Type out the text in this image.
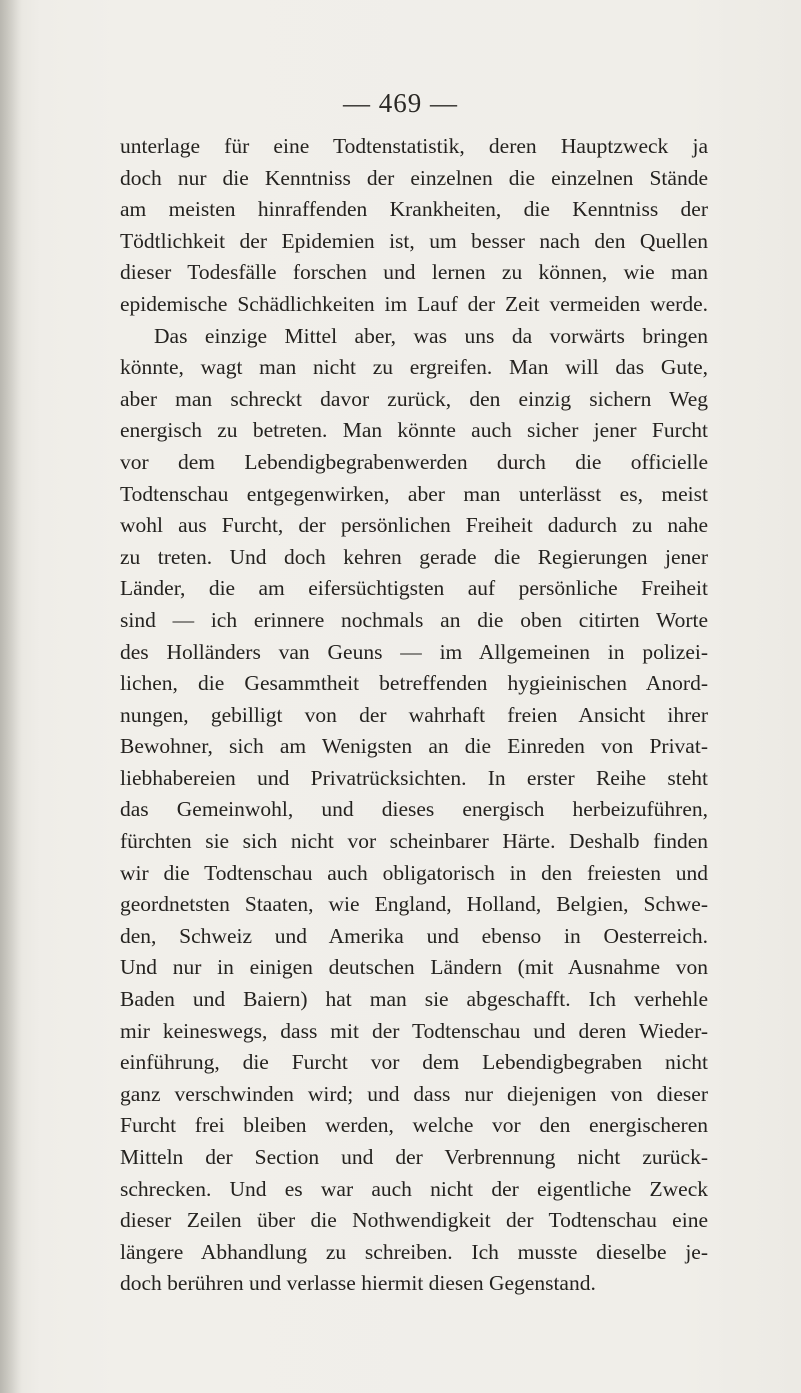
— 469 —
unterlage für eine Todtenstatistik, deren Hauptzweck ja
doch nur die Kenntniss der einzelnen die einzelnen Stände
am meisten hinraffenden Krankheiten, die Kenntniss der
Tödtlichkeit der Epidemien ist, um besser nach den Quellen
dieser Todesfälle forschen und lernen zu können, wie man
epidemische Schädlichkeiten im Lauf der Zeit vermeiden werde.
Das einzige Mittel aber, was uns da vorwärts bringen
könnte, wagt man nicht zu ergreifen. Man will das Gute,
aber man schreckt davor zurück, den einzig sichern Weg
energisch zu betreten. Man könnte auch sicher jener Furcht
vor dem Lebendigbegrabenwerden durch die officielle
Todtenschau entgegenwirken, aber man unterlässt es, meist
wohl aus Furcht, der persönlichen Freiheit dadurch zu nahe
zu treten. Und doch kehren gerade die Regierungen jener
Länder, die am eifersüchtigsten auf persönliche Freiheit
sind — ich erinnere nochmals an die oben citirten Worte
des Holländers van Geuns — im Allgemeinen in polizei-
lichen, die Gesammtheit betreffenden hygieinischen Anord-
nungen, gebilligt von der wahrhaft freien Ansicht ihrer
Bewohner, sich am Wenigsten an die Einreden von Privat-
liebhabereien und Privatrücksichten. In erster Reihe steht
das Gemeinwohl, und dieses energisch herbeizuführen,
fürchten sie sich nicht vor scheinbarer Härte. Deshalb finden
wir die Todtenschau auch obligatorisch in den freiesten und
geordnetsten Staaten, wie England, Holland, Belgien, Schwe-
den, Schweiz und Amerika und ebenso in Oesterreich.
Und nur in einigen deutschen Ländern (mit Ausnahme von
Baden und Baiern) hat man sie abgeschafft. Ich verhehle
mir keineswegs, dass mit der Todtenschau und deren Wieder-
einführung, die Furcht vor dem Lebendigbegraben nicht
ganz verschwinden wird; und dass nur diejenigen von dieser
Furcht frei bleiben werden, welche vor den energischeren
Mitteln der Section und der Verbrennung nicht zurück-
schrecken. Und es war auch nicht der eigentliche Zweck
dieser Zeilen über die Nothwendigkeit der Todtenschau eine
längere Abhandlung zu schreiben. Ich musste dieselbe je-
doch berühren und verlasse hiermit diesen Gegenstand.
